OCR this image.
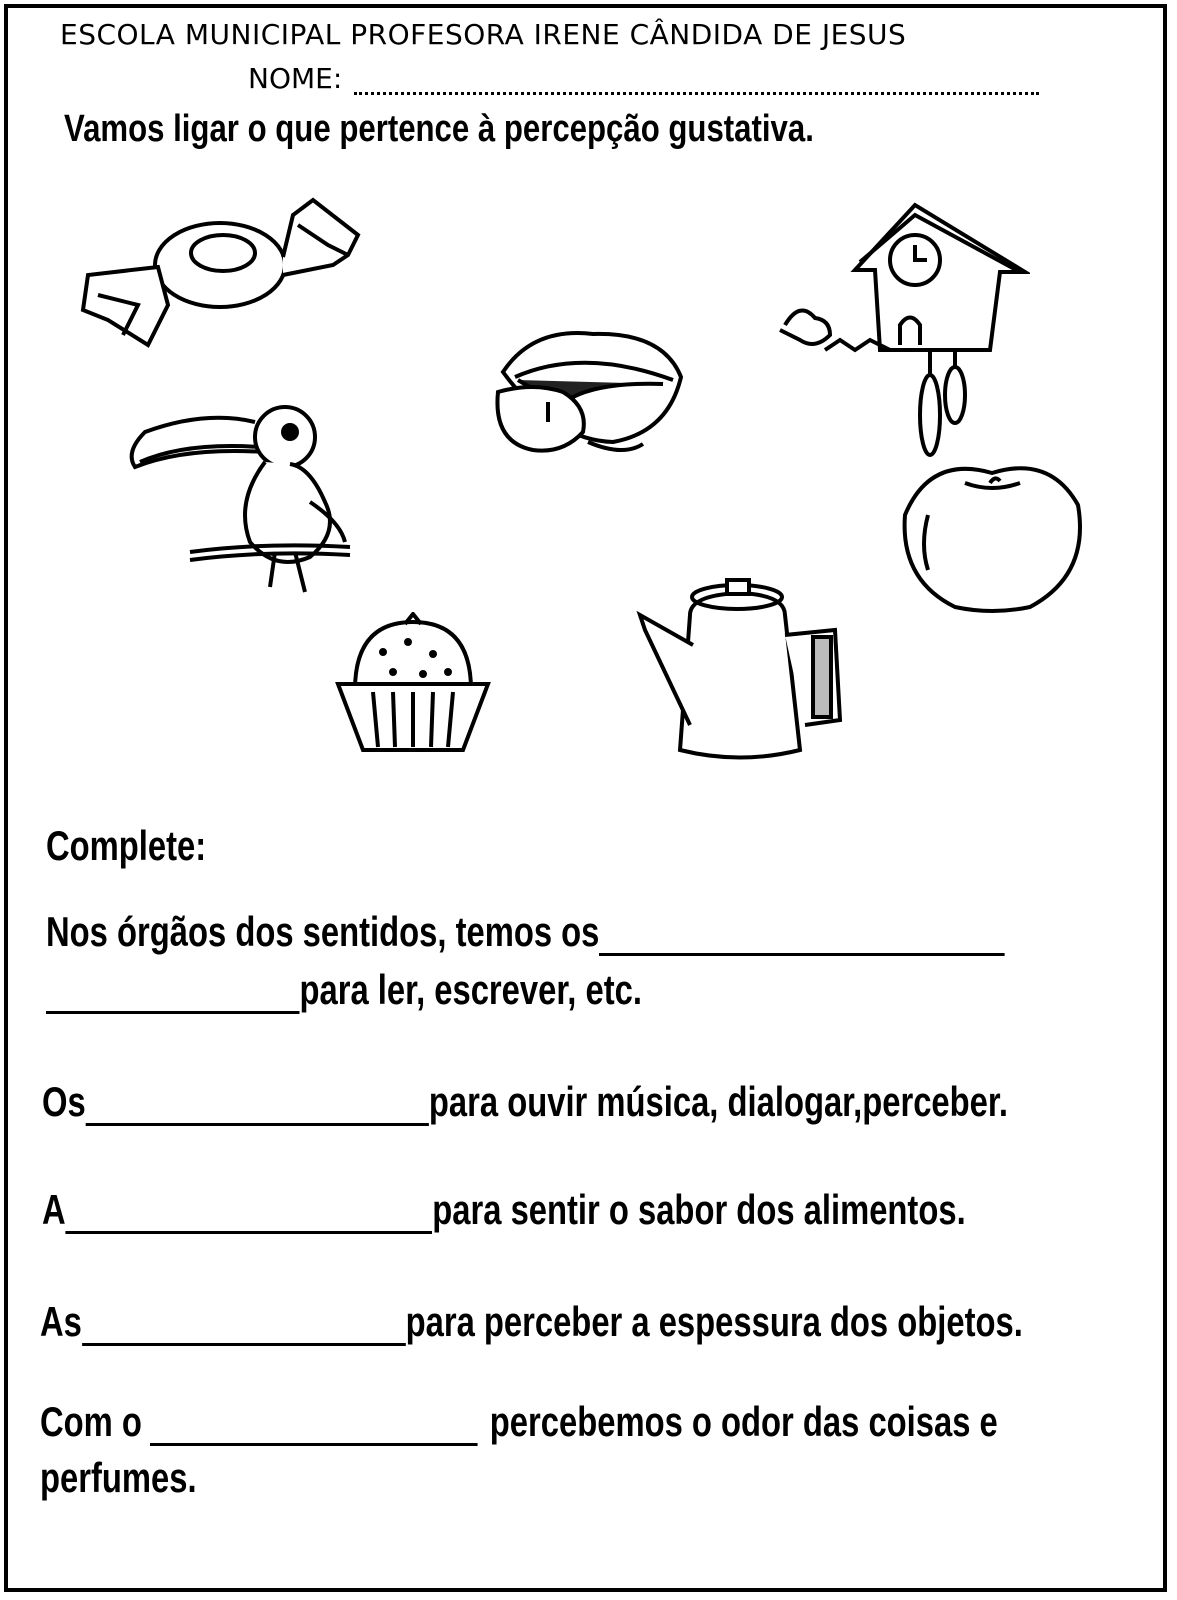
ESCOLA MUNICIPAL PROFESORA IRENE CÂNDIDA DE JESUS
NOME:
Vamos ligar o que pertence à percepção gustativa.
Complete:
Nos órgãos dos sentidos, temos os
para ler, escrever, etc.
Os	para ouvir música, dialogar,perceber.
A	para sentir o sabor dos alimentos.
As	para perceber a espessura dos objetos.
Com o	percebemos o odor das coisas e
perfumes.
